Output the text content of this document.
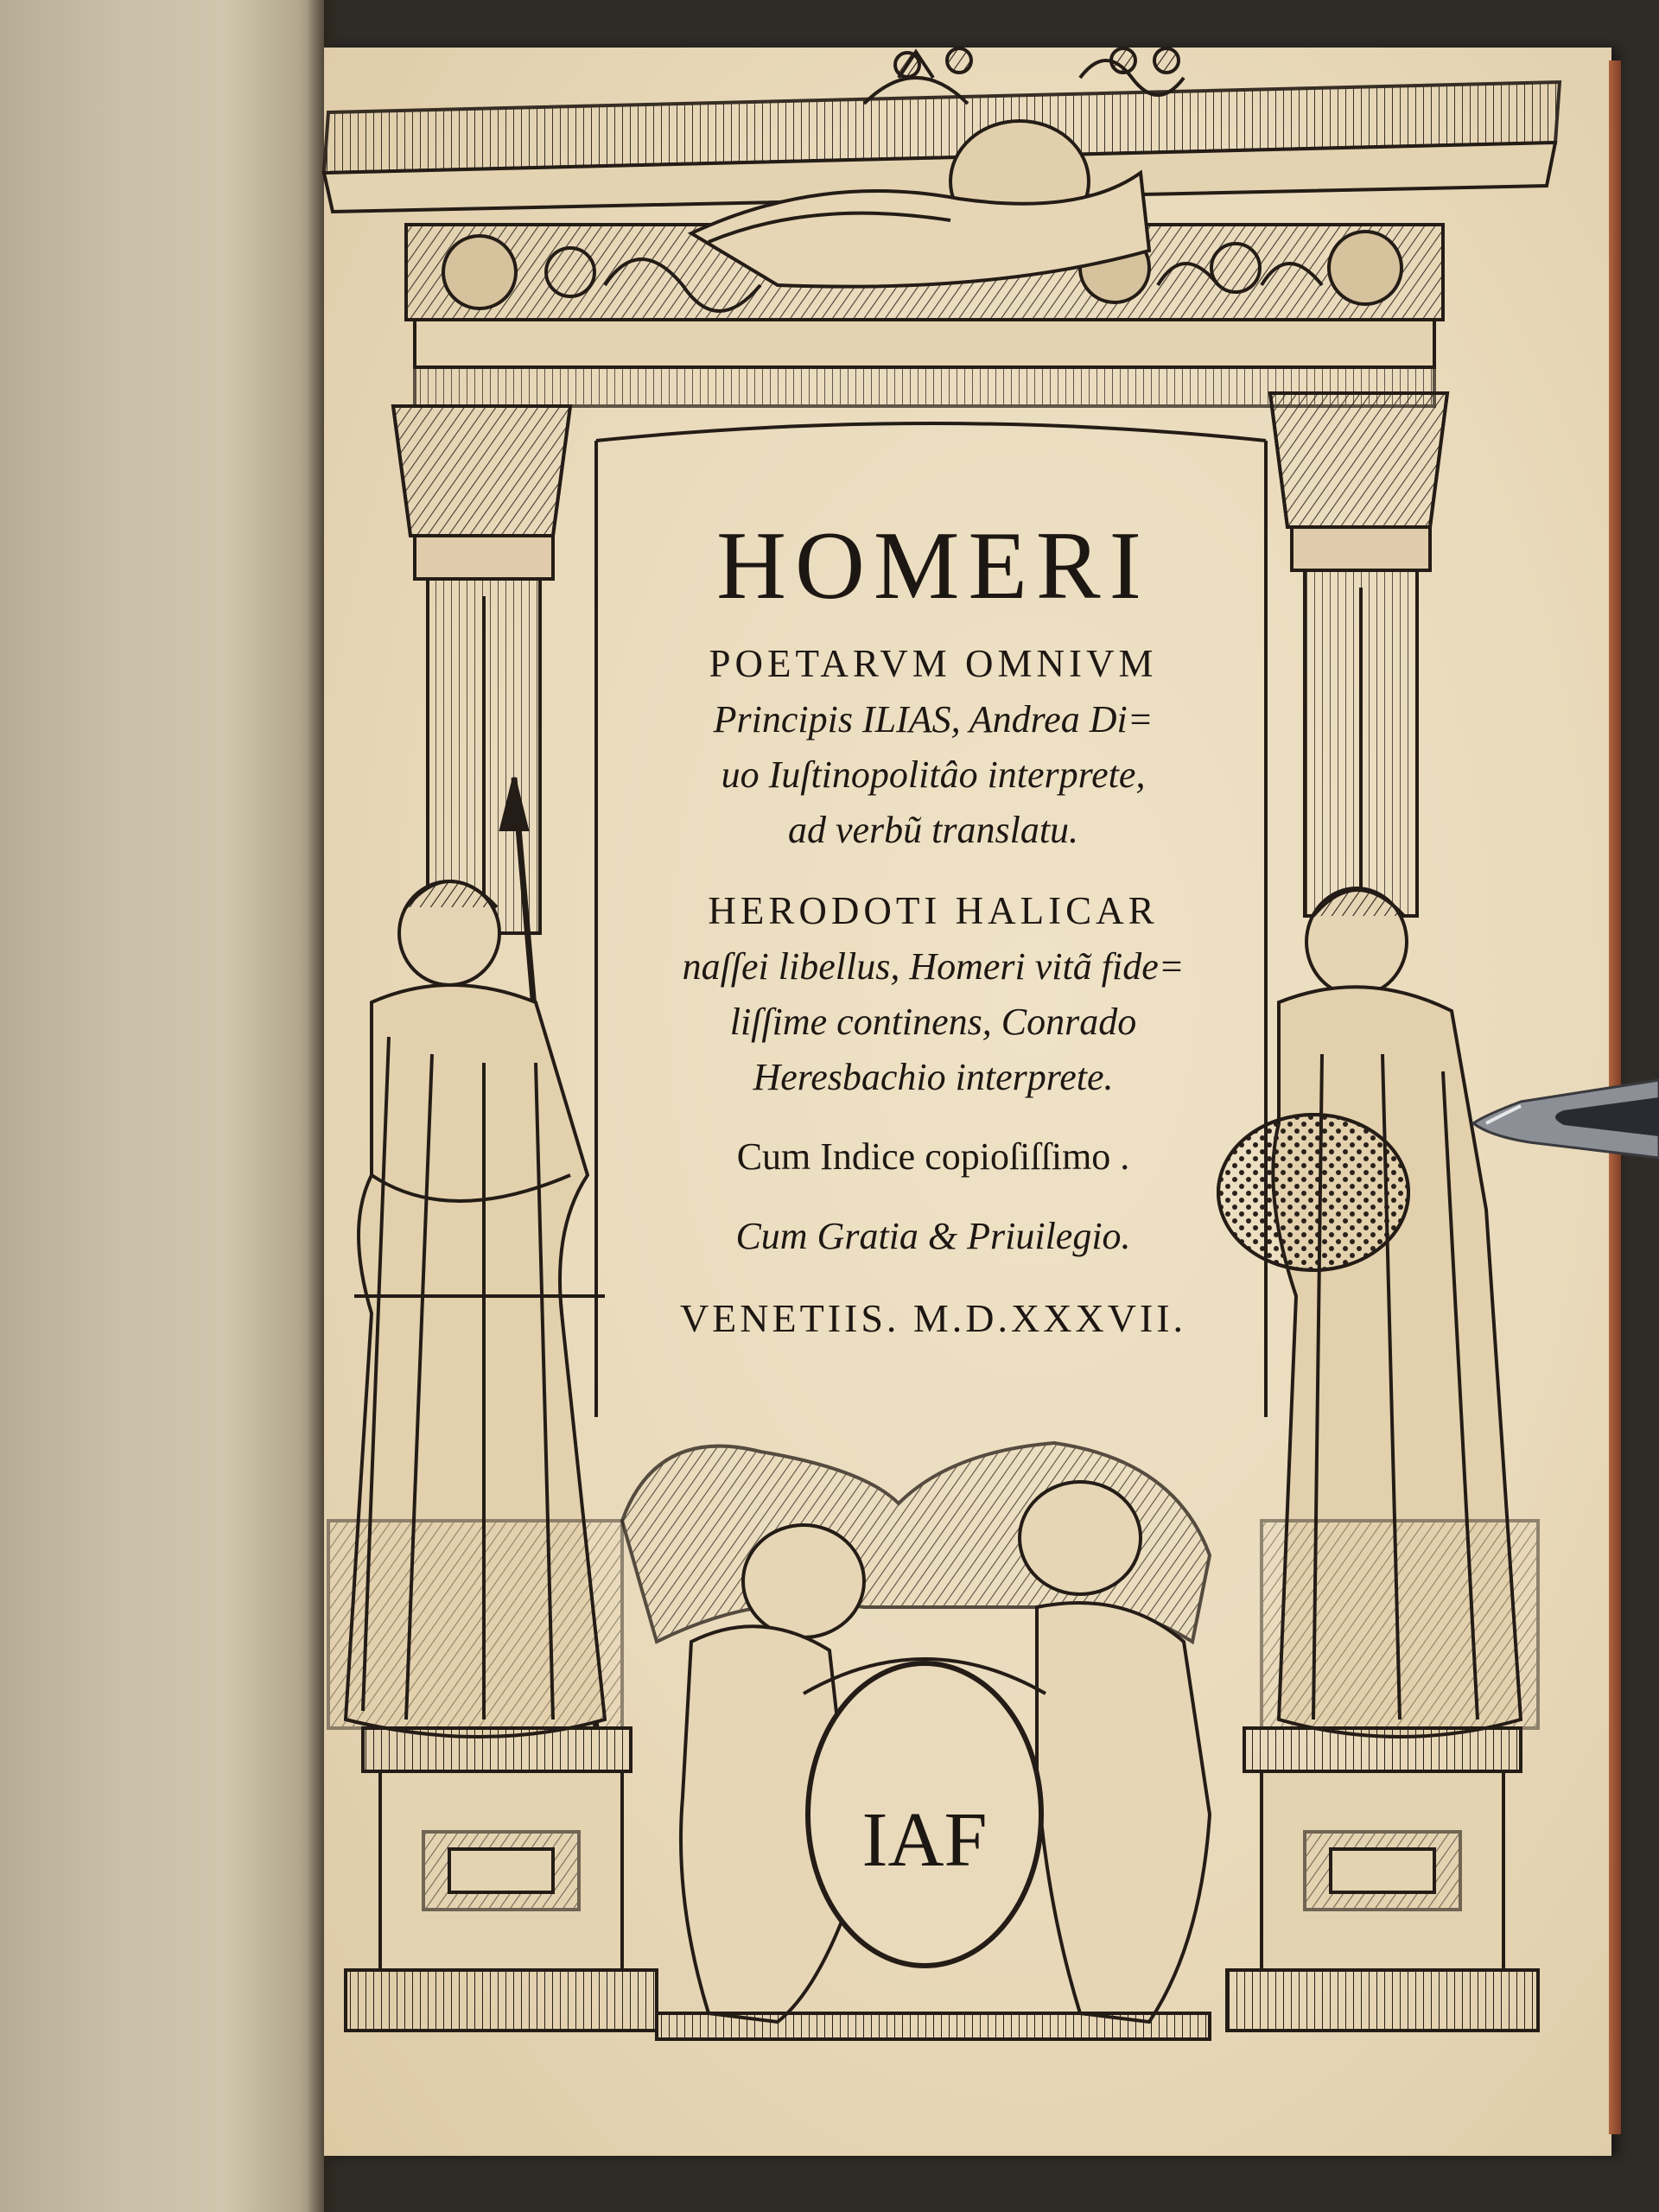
HOMERI
POETARVM OMNIVM
Principis ILIAS, Andrea Di=
uo Iuſtinopolitâo interprete,
ad verbũ translatu.
HERODOTI HALICAR
naſſei libellus, Homeri vitã fide=
liſſime continens, Conrado
Heresbachio interprete.
Cum Indice copioſiſſimo .
Cum Gratia & Priuilegio.
VENETIIS. M.D.XXXVII.
IAF
